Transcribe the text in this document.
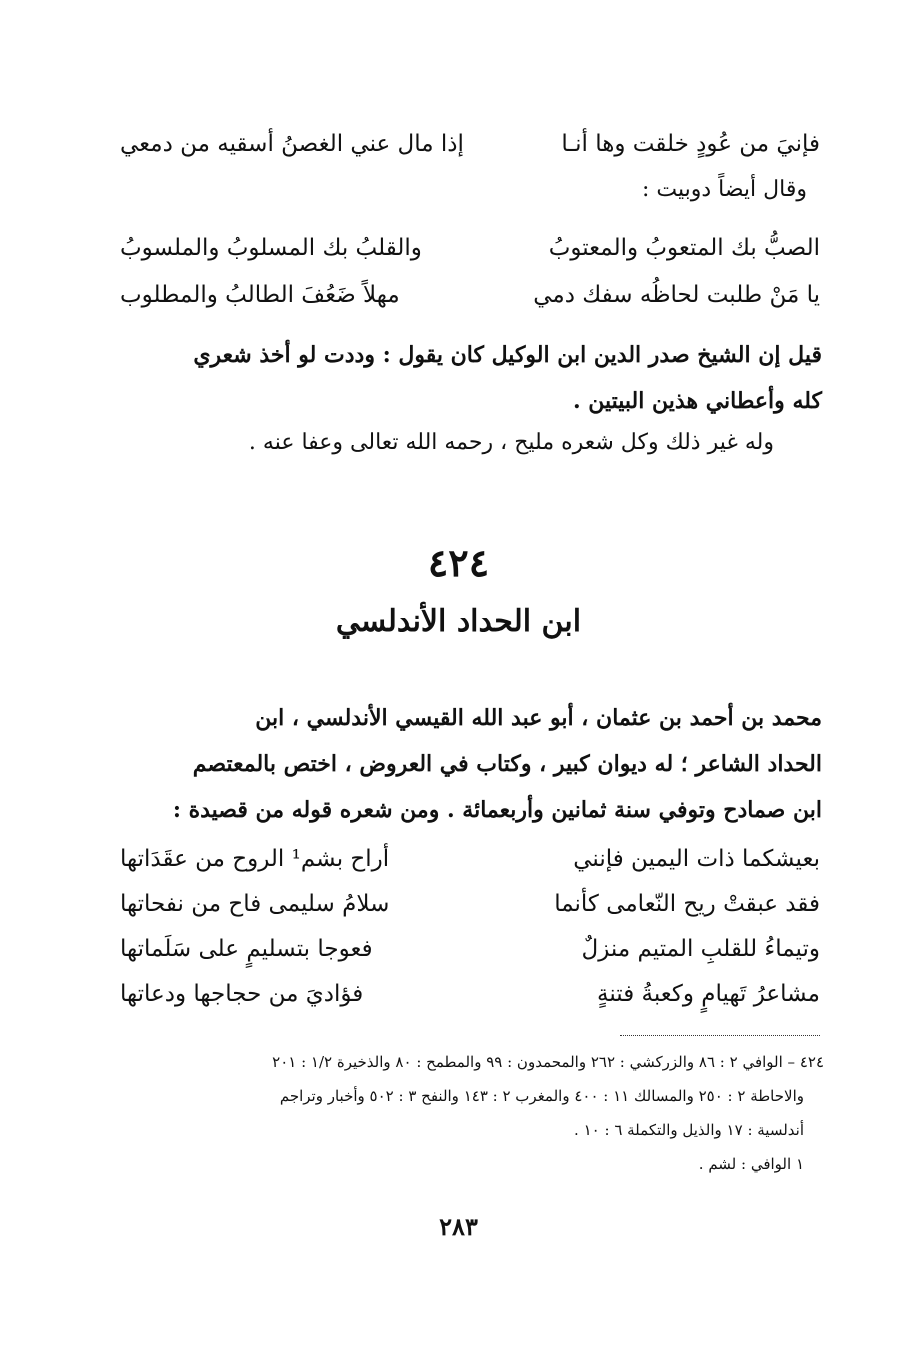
فإنيَ من عُودٍ خلقت وها أنـا
إذا مال عني الغصنُ أسقيه من دمعي
وقال أيضاً دوبيت :
الصبُّ بك المتعوبُ والمعتوبُ
والقلبُ بك المسلوبُ والملسوبُ
يا مَنْ طلبت لحاظُه سفك دمي
مهلاً ضَعُفَ الطالبُ والمطلوب

قيل إن الشيخ صدر الدين ابن الوكيل كان يقول : وددت لو أخذ شعري

كله وأعطاني هذين البيتين .

وله غير ذلك وكل شعره مليح ، رحمه الله تعالى وعفا عنه .
٤٢٤
ابن الحداد الأندلسي

محمد بن أحمد بن عثمان ، أبو عبد الله القيسي الأندلسي ، ابن

الحداد الشاعر ؛ له ديوان كبير ، وكتاب في العروض ، اختص بالمعتصم

ابن صمادح وتوفي سنة ثمانين وأربعمائة . ومن شعره قوله من قصيدة :

بعيشكما ذات اليمين فإنني
أراح بشم¹ الروح من عقَدَاتها
فقد عبقتْ ريح النّعامى كأنما
سلامُ سليمى فاح من نفحاتها
وتيماءُ للقلبِ المتيم منزلٌ
فعوجا بتسليمٍ على سَلَماتها
مشاعرُ تَهيامٍ وكعبةُ فتنةٍ
فؤاديَ من حجاجها ودعاتها
٤٢٤ – الوافي ٢ : ٨٦ والزركشي : ٢٦٢ والمحمدون : ٩٩ والمطمح : ٨٠ والذخيرة ١/٢ : ٢٠١
والاحاطة ٢ : ٢٥٠ والمسالك ١١ : ٤٠٠ والمغرب ٢ : ١٤٣ والنفح ٣ : ٥٠٢ وأخبار وتراجم
أندلسية : ١٧ والذيل والتكملة ٦ : ١٠ .
١ الوافي : لشم .
٢٨٣
